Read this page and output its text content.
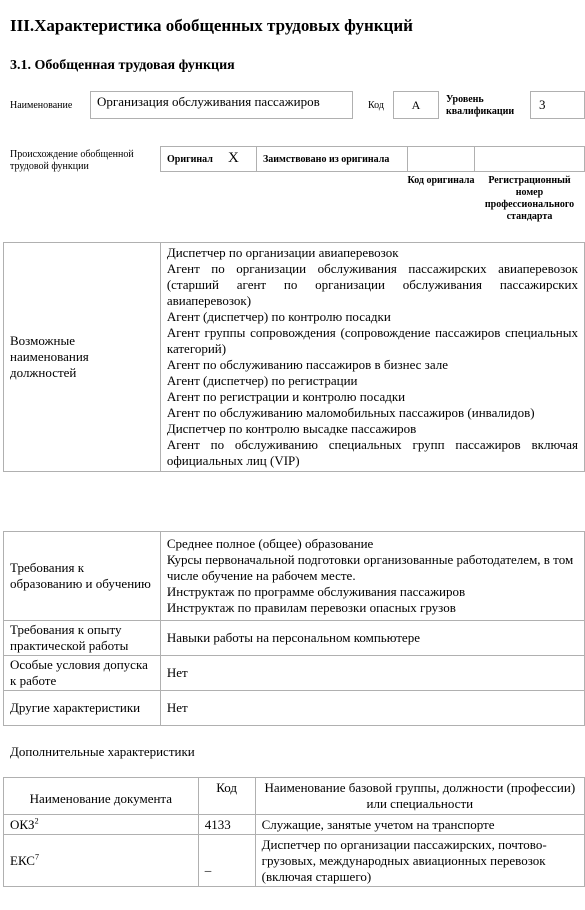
III.Характеристика обобщенных трудовых функций
3.1. Обобщенная трудовая функция
Наименование	Организация обслуживания пассажиров	Код	А	Уровень квалификации	3
Происхождение обобщенной трудовой функции
Оригинал Х Заимствовано из оригинала
Код оригинала	Регистрационный номер профессионального стандарта
Возможные наименования должностей	
Диспетчер по организации авиаперевозок
Агент по организации обслуживания пассажирских авиаперевозок (старший агент по организации обслуживания пассажирских авиаперевозок)
Агент (диспетчер) по контролю посадки
Агент группы сопровождения (сопровождение пассажиров специальных категорий)
Агент по обслуживанию пассажиров в бизнес зале
Агент (диспетчер) по регистрации
Агент по регистрации и контролю посадки
Агент по обслуживанию маломобильных пассажиров (инвалидов)
Диспетчер по контролю высадке пассажиров
Агент по обслуживанию специальных групп пассажиров включая официальных лиц (VIP)
Требования к образованию и обучению	Среднее полное (общее) образование
Курсы первоначальной подготовки организованные работодателем, в том числе обучение на рабочем месте.
Инструктаж по программе обслуживания пассажиров
Инструктаж по правилам перевозки опасных грузов

Требования к опыту практической работы	Навыки работы на персональном компьютере
Особые условия допуска к работе	Нет
Другие характеристики	Нет
Дополнительные характеристики
Наименование документа	Код	Наименование базовой группы, должности (профессии) или специальности
ОКЗ$^2$	4133	Служащие, занятые учетом на транспорте
ЕКС$^7$	_	Диспетчер по организации пассажирских, почтово-грузовых, международных авиационных перевозок (включая старшего)
